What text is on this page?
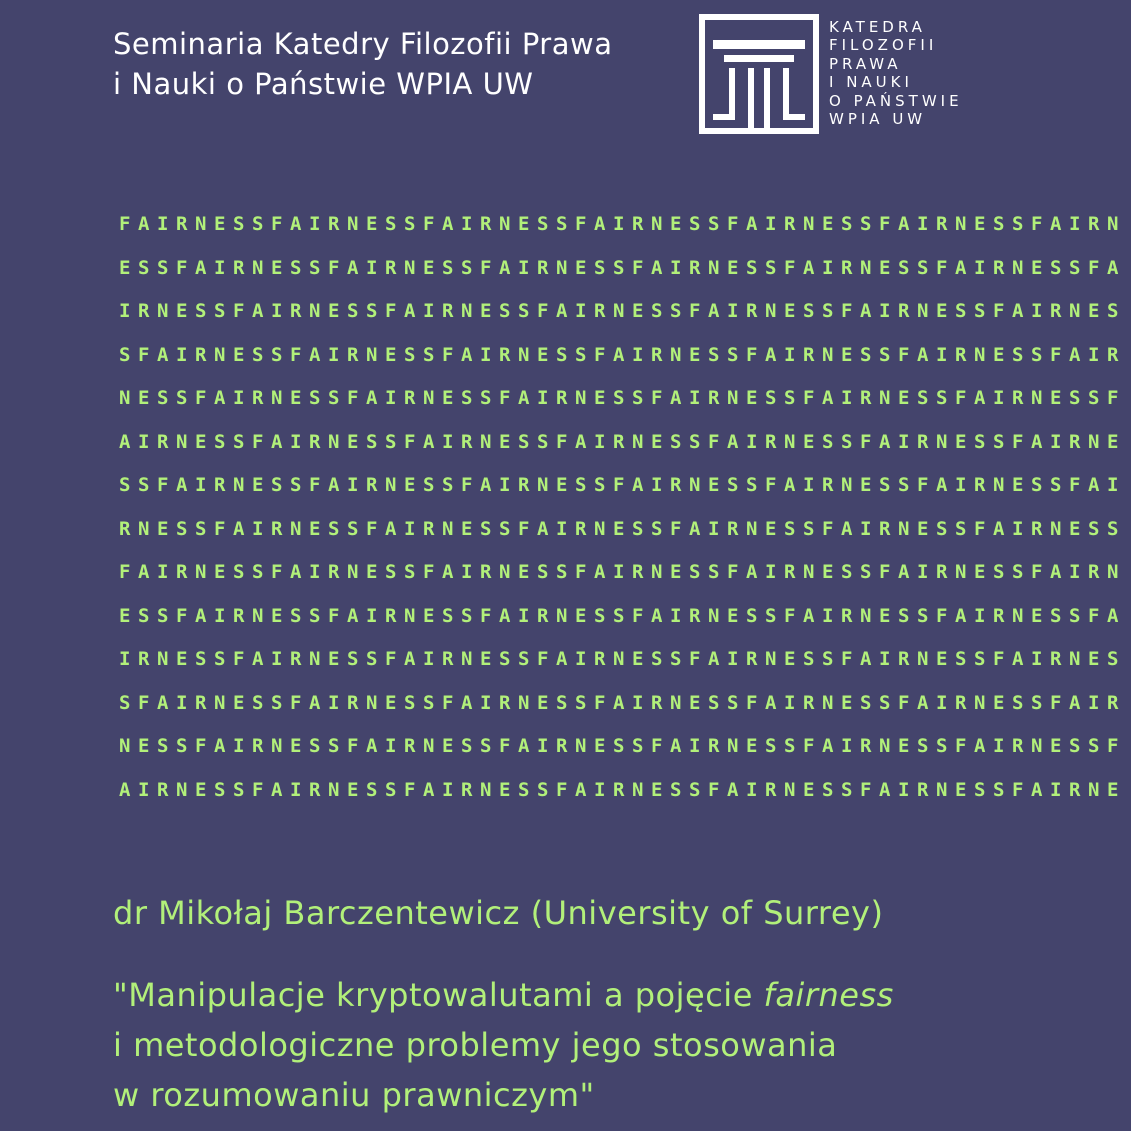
Seminaria Katedry Filozofii Prawa
i Nauki o Państwie WPIA UW
KATEDRA
FILOZOFII
PRAWA
I NAUKI
O PAŃSTWIE
WPIA UW
FAIRNESSFAIRNESSFAIRNESSFAIRNESSFAIRNESSFAIRNESSFAIRN
ESSFAIRNESSFAIRNESSFAIRNESSFAIRNESSFAIRNESSFAIRNESSFA
IRNESSFAIRNESSFAIRNESSFAIRNESSFAIRNESSFAIRNESSFAIRNES
SFAIRNESSFAIRNESSFAIRNESSFAIRNESSFAIRNESSFAIRNESSFAIR
NESSFAIRNESSFAIRNESSFAIRNESSFAIRNESSFAIRNESSFAIRNESSF
AIRNESSFAIRNESSFAIRNESSFAIRNESSFAIRNESSFAIRNESSFAIRNE
SSFAIRNESSFAIRNESSFAIRNESSFAIRNESSFAIRNESSFAIRNESSFAI
RNESSFAIRNESSFAIRNESSFAIRNESSFAIRNESSFAIRNESSFAIRNESS
FAIRNESSFAIRNESSFAIRNESSFAIRNESSFAIRNESSFAIRNESSFAIRN
ESSFAIRNESSFAIRNESSFAIRNESSFAIRNESSFAIRNESSFAIRNESSFA
IRNESSFAIRNESSFAIRNESSFAIRNESSFAIRNESSFAIRNESSFAIRNES
SFAIRNESSFAIRNESSFAIRNESSFAIRNESSFAIRNESSFAIRNESSFAIR
NESSFAIRNESSFAIRNESSFAIRNESSFAIRNESSFAIRNESSFAIRNESSF
AIRNESSFAIRNESSFAIRNESSFAIRNESSFAIRNESSFAIRNESSFAIRNE
dr Mikołaj Barczentewicz (University of Surrey)
"Manipulacje kryptowalutami a pojęcie fairness
i metodologiczne problemy jego stosowania
w rozumowaniu prawniczym"
